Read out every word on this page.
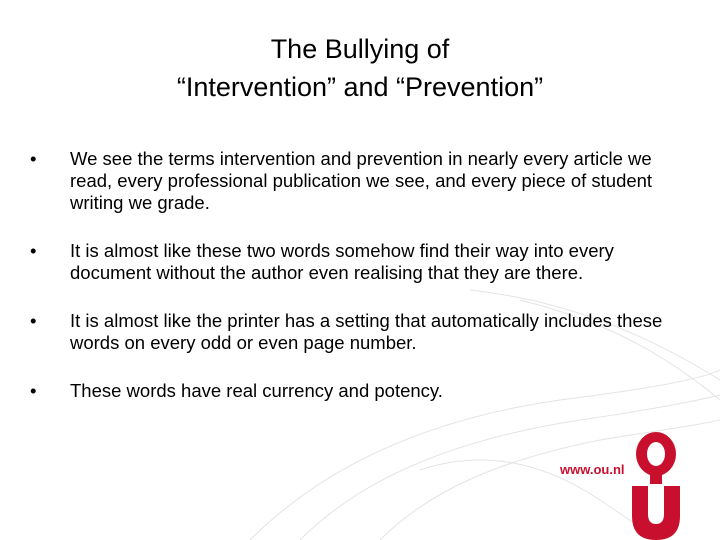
The Bullying of
“Intervention” and “Prevention”
•	We see the terms intervention and prevention in nearly every article we read, every professional publication we see, and every piece of student writing we grade.
•	It is almost like these two words somehow find their way into every document without the author even realising that they are there.
•	It is almost like the printer has a setting that automatically includes these words on every odd or even page number.
•	These words have real currency and potency.
www.ou.nl
